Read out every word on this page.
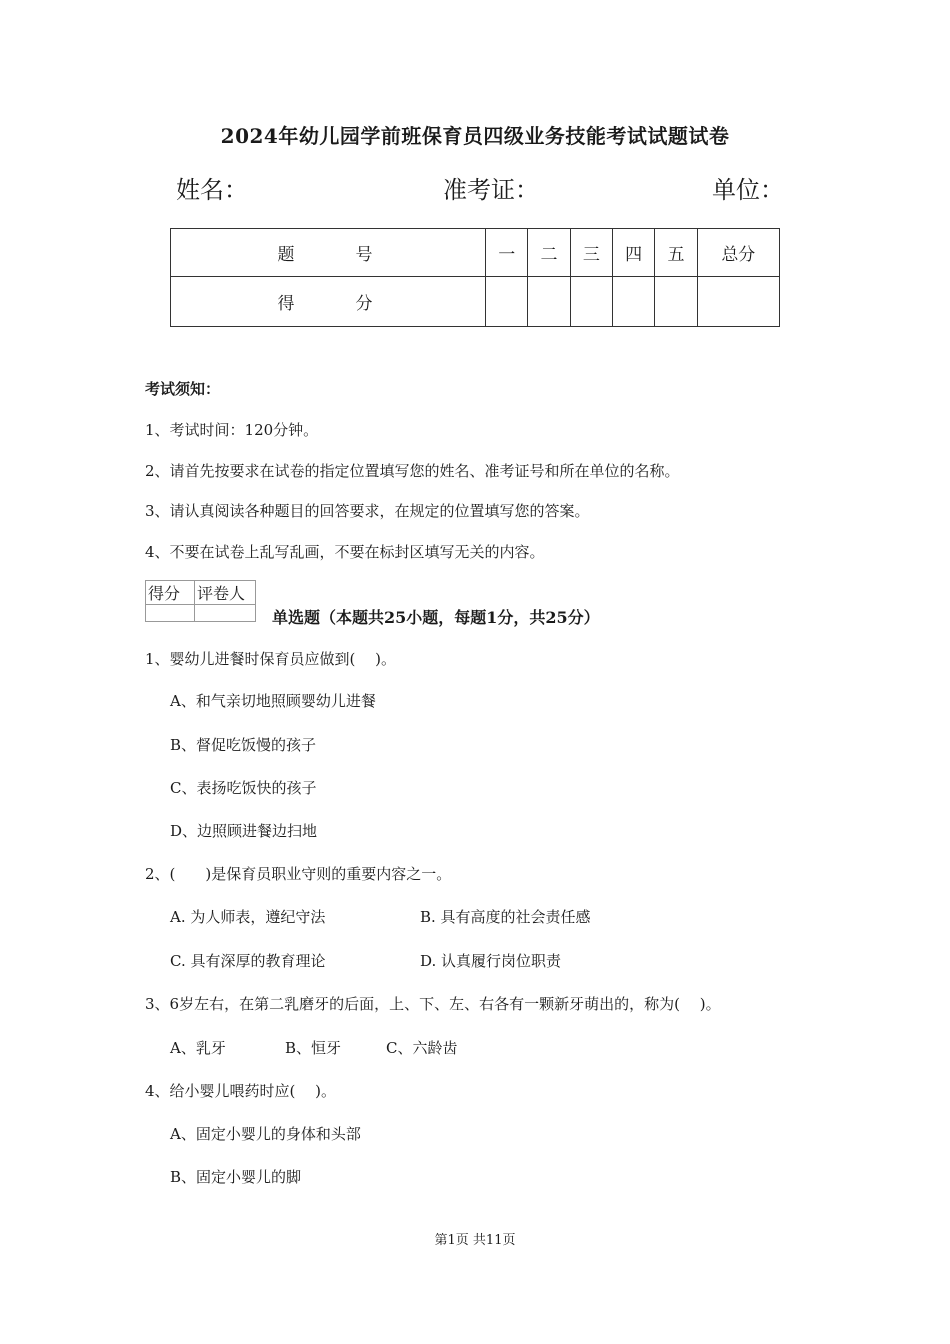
2024年幼儿园学前班保育员四级业务技能考试试题试卷
姓名：	准考证：	单位：
题　号	一	二	三	四	五	总分
得　分						
考试须知：
1、考试时间：120分钟。
2、请首先按要求在试卷的指定位置填写您的姓名、准考证号和所在单位的名称。
3、请认真阅读各种题目的回答要求，在规定的位置填写您的答案。
4、不要在试卷上乱写乱画，不要在标封区填写无关的内容。
得分	评卷人

单选题（本题共25小题，每题1分，共25分）
1、婴幼儿进餐时保育员应做到(　 )。
A、和气亲切地照顾婴幼儿进餐
B、督促吃饭慢的孩子
C、表扬吃饭快的孩子
D、边照顾进餐边扫地
2、(　　)是保育员职业守则的重要内容之一。
A. 为人师表，遵纪守法	B. 具有高度的社会责任感
C. 具有深厚的教育理论	D. 认真履行岗位职责
3、6岁左右，在第二乳磨牙的后面，上、下、左、右各有一颗新牙萌出的，称为(　 )。
A、乳牙	B、恒牙	C、六龄齿
4、给小婴儿喂药时应(　 )。
A、固定小婴儿的身体和头部
B、固定小婴儿的脚
第1页 共11页
